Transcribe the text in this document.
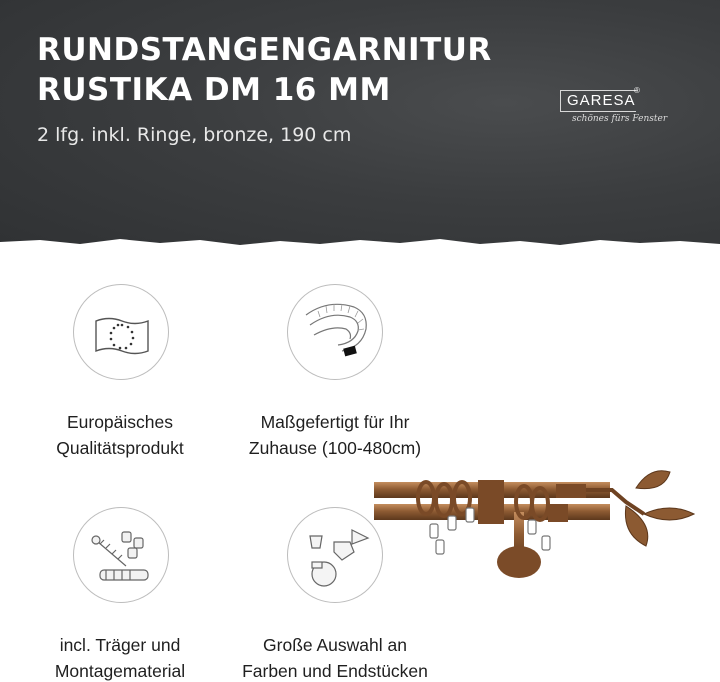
RUNDSTANGENGARNITUR
RUSTIKA DM 16 MM
2 lfg. inkl. Ringe, bronze, 190 cm
GARESA
®
schönes fürs Fenster
Europäisches
Qualitätsprodukt
Maßgefertigt für Ihr
Zuhause (100-480cm)
incl. Träger und
Montagematerial
Große Auswahl an
Farben und Endstücken
